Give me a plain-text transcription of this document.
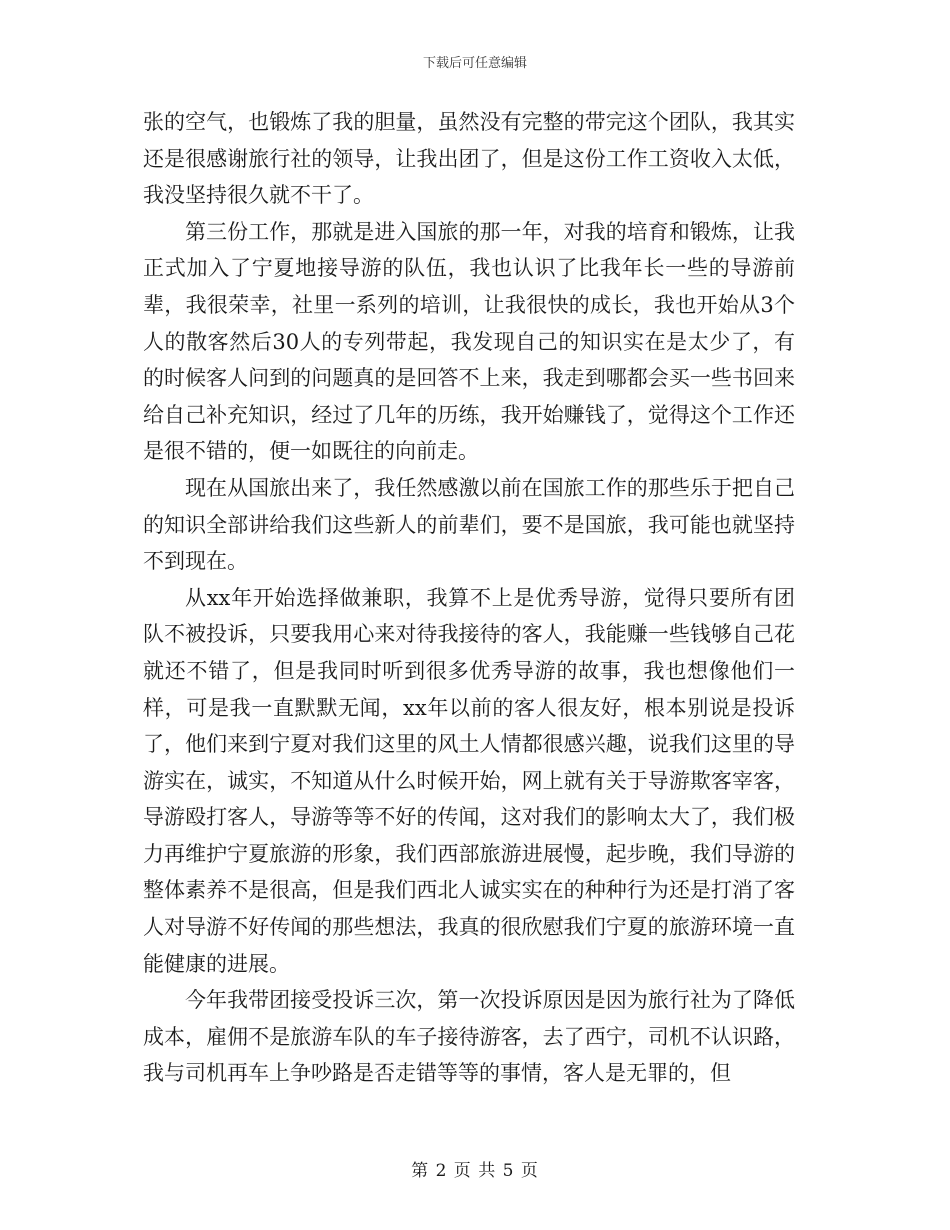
下载后可任意编辑

张的空气，也锻炼了我的胆量，虽然没有完整的带完这个团队，我其实还是很感谢旅行社的领导，让我出团了，但是这份工作工资收入太低，我没坚持很久就不干了。

第三份工作，那就是进入国旅的那一年，对我的培育和锻炼，让我正式加入了宁夏地接导游的队伍，我也认识了比我年长一些的导游前辈，我很荣幸，社里一系列的培训，让我很快的成长，我也开始从3个人的散客然后30人的专列带起，我发现自己的知识实在是太少了，有的时候客人问到的问题真的是回答不上来，我走到哪都会买一些书回来给自己补充知识，经过了几年的历练，我开始赚钱了，觉得这个工作还是很不错的，便一如既往的向前走。

现在从国旅出来了，我任然感激以前在国旅工作的那些乐于把自己的知识全部讲给我们这些新人的前辈们，要不是国旅，我可能也就坚持不到现在。

从xx年开始选择做兼职，我算不上是优秀导游，觉得只要所有团队不被投诉，只要我用心来对待我接待的客人，我能赚一些钱够自己花就还不错了，但是我同时听到很多优秀导游的故事，我也想像他们一样，可是我一直默默无闻，xx年以前的客人很友好，根本别说是投诉了，他们来到宁夏对我们这里的风土人情都很感兴趣，说我们这里的导游实在，诚实，不知道从什么时候开始，网上就有关于导游欺客宰客，导游殴打客人，导游等等不好的传闻，这对我们的影响太大了，我们极力再维护宁夏旅游的形象，我们西部旅游进展慢，起步晚，我们导游的整体素养不是很高，但是我们西北人诚实实在的种种行为还是打消了客人对导游不好传闻的那些想法，我真的很欣慰我们宁夏的旅游环境一直能健康的进展。

今年我带团接受投诉三次，第一次投诉原因是因为旅行社为了降低成本，雇佣不是旅游车队的车子接待游客，去了西宁，司机不认识路，我与司机再车上争吵路是否走错等等的事情，客人是无罪的，但

第 2 页 共 5 页
